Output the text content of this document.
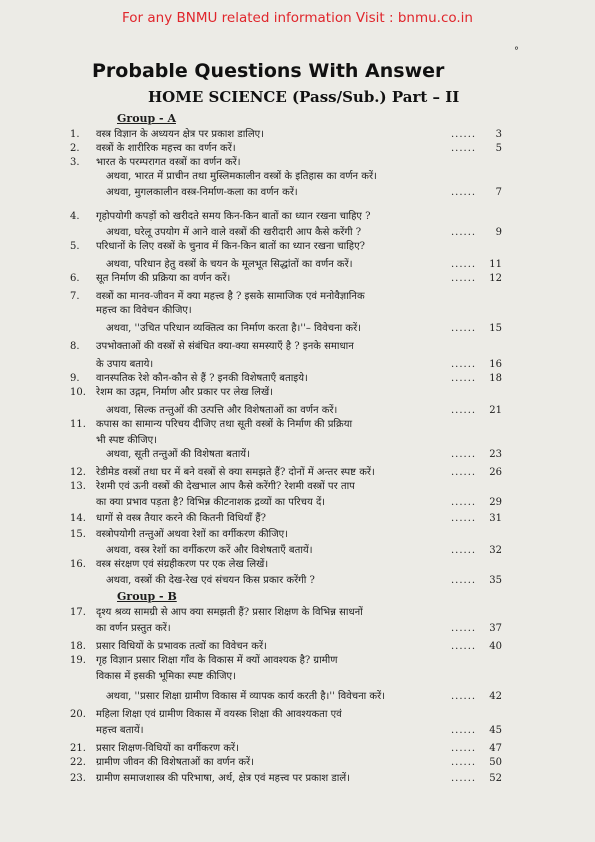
For any BNMU related information Visit : bnmu.co.in
°
Probable Questions With Answer
HOME SCIENCE (Pass/Sub.) Part – II
Group - A
Group - B
1.	वस्त्र विज्ञान के अध्ययन क्षेत्र पर प्रकाश डालिए।	......	3
2.	वस्त्रों के शारीरिक महत्त्व का वर्णन करें।	......	5
3.	भारत के परम्परागत वस्त्रों का वर्णन करें।
अथवा, भारत में प्राचीन तथा मुस्लिमकालीन वस्त्रों के इतिहास का वर्णन करें।
अथवा, मुगलकालीन वस्त्र-निर्माण-कला का वर्णन करें।	......	7
4.	गृहोपयोगी कपड़ों को खरीदते समय किन-किन बातों का ध्यान रखना चाहिए ?
अथवा, घरेलू उपयोग में आने वाले वस्त्रों की खरीदारी आप कैसे करेंगी ?	......	9
5.	परिधानों के लिए वस्त्रों के चुनाव में किन-किन बातों का ध्यान रखना चाहिए?
अथवा, परिधान हेतु वस्त्रों के चयन के मूलभूत सिद्धांतों का वर्णन करें।	......	11
6.	सूत निर्माण की प्रक्रिया का वर्णन करें।	......	12
7.	वस्त्रों का मानव-जीवन में क्या महत्त्व है ? इसके सामाजिक एवं मनोवैज्ञानिक
महत्त्व का विवेचन कीजिए।
अथवा, ''उचित परिधान व्यक्तित्व का निर्माण करता है।''– विवेचना करें।	......	15
8.	उपभोक्ताओं की वस्त्रों से संबंधित क्या-क्या समस्याएँ है ? इनके समाधान
के उपाय बताये।	......	16
9.	वानस्पतिक रेशे कौन-कौन से हैं ? इनकी विशेषताएँ बताइये।	......	18
10.	रेशम का उद्गम, निर्माण और प्रकार पर लेख लिखें।
अथवा, सिल्क तन्तुओं की उत्पत्ति और विशेषताओं का वर्णन करें।	......	21
11.	कपास का सामान्य परिचय दीजिए तथा सूती वस्त्रों के निर्माण की प्रक्रिया
भी स्पष्ट कीजिए।
अथवा, सूती तन्तुओं की विशेषता बतायें।	......	23
12.	रेडीमेड वस्त्रों तथा घर में बने वस्त्रों से क्या समझते हैं? दोनों में अन्तर स्पष्ट करें।	......	26
13.	रेशमी एवं ऊनी वस्त्रों की देखभाल आप कैसे करेंगी? रेशमी वस्त्रों पर ताप
का क्या प्रभाव पड़ता है? विभिन्न कीटनाशक द्रव्यों का परिचय दें।	......	29
14.	धागों से वस्त्र तैयार करने की कितनी विधियाँ हैं?	......	31
15.	वस्त्रोपयोगी तन्तुओं अथवा रेशों का वर्गीकरण कीजिए।
अथवा, वस्त्र रेशों का वर्गीकरण करें और विशेषताएँ बतायें।	......	32
16.	वस्त्र संरक्षण एवं संग्रहीकरण पर एक लेख लिखें।
अथवा, वस्त्रों की देख-रेख एवं संचयन किस प्रकार करेंगी ?	......	35
17.	दृश्य श्रव्य सामग्री से आप क्या समझती हैं? प्रसार शिक्षण के विभिन्न साधनों
का वर्णन प्रस्तुत करें।	......	37
18.	प्रसार विधियों के प्रभावक तत्वों का विवेचन करें।	......	40
19.	गृह विज्ञान प्रसार शिक्षा गाँव के विकास में क्यों आवश्यक है? ग्रामीण
विकास में इसकी भूमिका स्पष्ट कीजिए।
अथवा, ''प्रसार शिक्षा ग्रामीण विकास में व्यापक कार्य करती है।'' विवेचना करें।	......	42
20.	महिला शिक्षा एवं ग्रामीण विकास में वयस्क शिक्षा की आवश्यकता एवं
महत्त्व बतायें।	......	45
21.	प्रसार शिक्षण-विधियों का वर्गीकरण करें।	......	47
22.	ग्रामीण जीवन की विशेषताओं का वर्णन करें।	......	50
23.	ग्रामीण समाजशास्त्र की परिभाषा, अर्थ, क्षेत्र एवं महत्त्व पर प्रकाश डालें।	......	52
